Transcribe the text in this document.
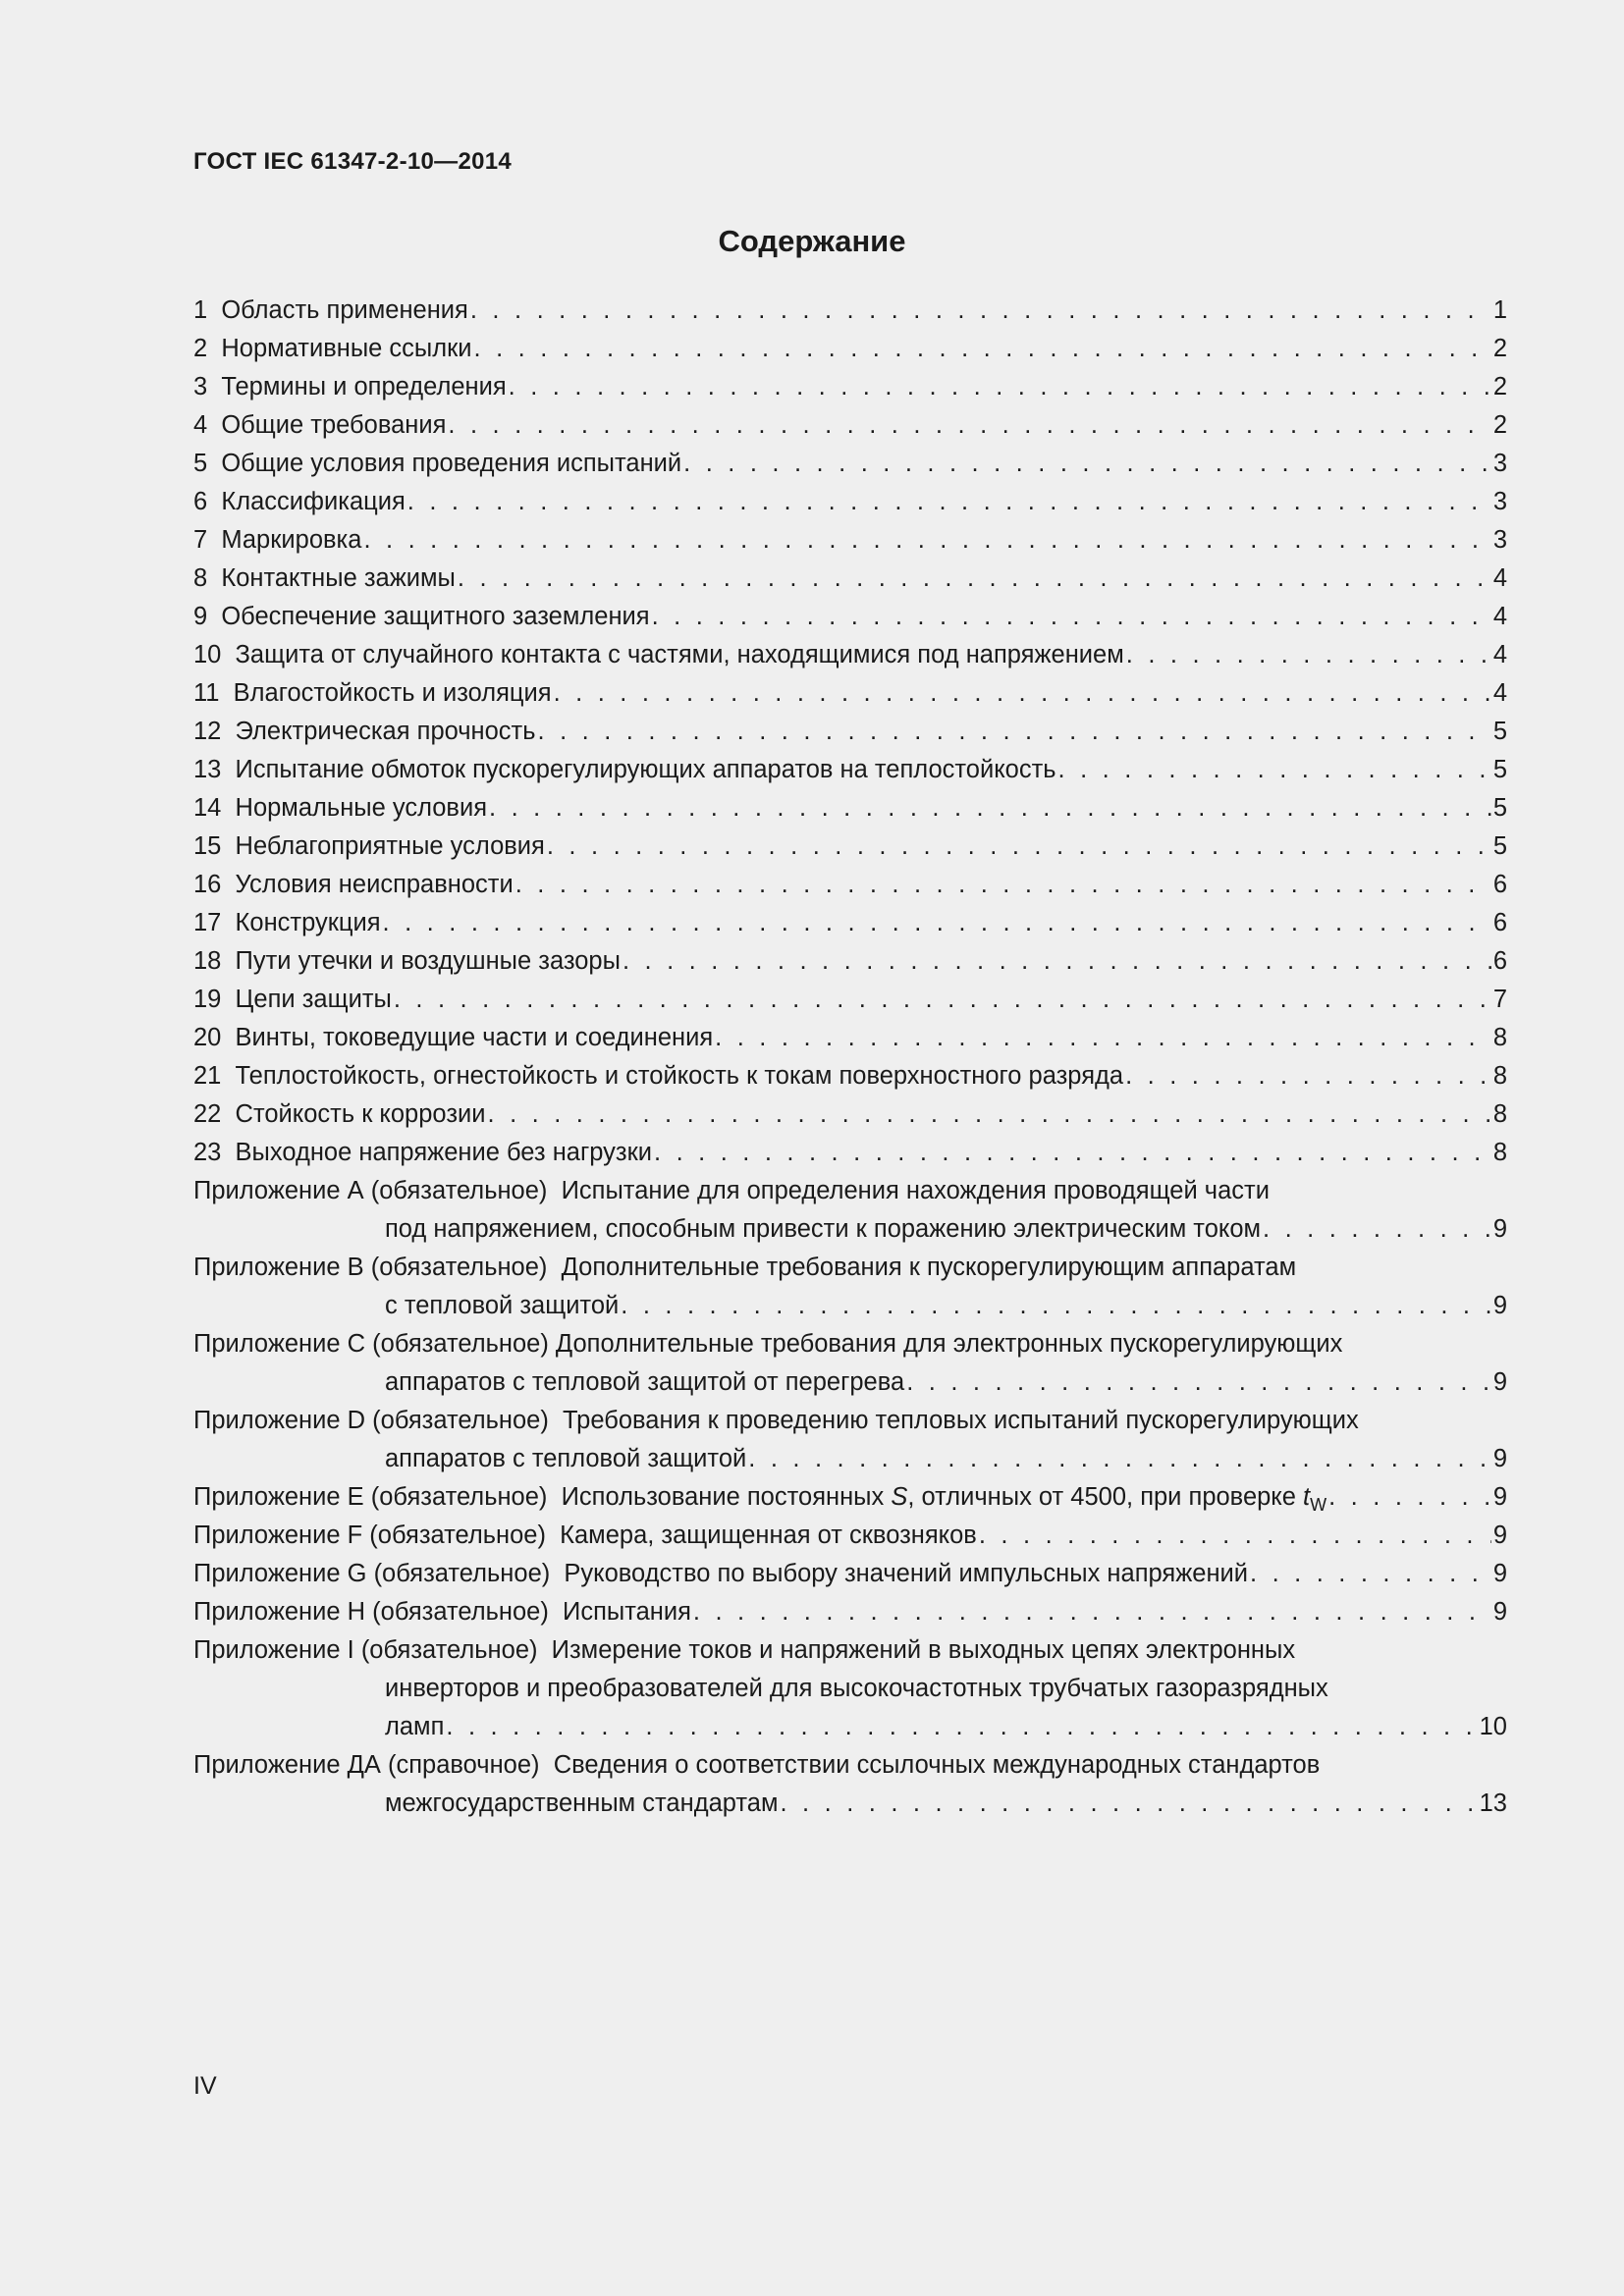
ГОСТ IEC 61347-2-10—2014
Содержание
1  Область применения . . .	1
2  Нормативные ссылки . . .	2
3  Термины и определения . . .	2
4  Общие требования . . .	2
5  Общие условия проведения испытаний . . .	3
6  Классификация . . .	3
7  Маркировка . . .	3
8  Контактные зажимы . . .	4
9  Обеспечение защитного заземления . . .	4
10  Защита от случайного контакта с частями, находящимися под напряжением . . .	4
11  Влагостойкость и изоляция . . .	4
12  Электрическая прочность . . .	5
13  Испытание обмоток пускорегулирующих аппаратов на теплостойкость . . .	5
14  Нормальные условия . . .	5
15  Неблагоприятные условия . . .	5
16  Условия неисправности . . .	6
17  Конструкция . . .	6
18  Пути утечки и воздушные зазоры . . .	6
19  Цепи защиты . . .	7
20  Винты, токоведущие части и соединения . . .	8
21  Теплостойкость, огнестойкость и стойкость к токам поверхностного разряда . . .	8
22  Стойкость к коррозии . . .	8
23  Выходное напряжение без нагрузки . . .	8
Приложение А (обязательное)  Испытание для определения нахождения проводящей части
под напряжением, способным привести к поражению электрическим током . . .	9
Приложение В (обязательное)  Дополнительные требования к пускорегулирующим аппаратам
с тепловой защитой . . .	9
Приложение С (обязательное) Дополнительные требования для электронных пускорегулирующих
аппаратов с тепловой защитой от перегрева . . .	9
Приложение D (обязательное)  Требования к проведению тепловых испытаний пускорегулирующих
аппаратов с тепловой защитой . . .	9
Приложение Е (обязательное)  Использование постоянных S, отличных от 4500, при проверке $t_W$ . . .	9
Приложение F (обязательное)  Камера, защищенная от сквозняков . . .	9
Приложение G (обязательное)  Руководство по выбору значений импульсных напряжений . . .	9
Приложение Н (обязательное)  Испытания . . .	9
Приложение I (обязательное)  Измерение токов и напряжений в выходных цепях электронных
инверторов и преобразователей для высокочастотных трубчатых газоразрядных
ламп . . .	10
Приложение ДА (справочное)  Сведения о соответствии ссылочных международных стандартов
межгосударственным стандартам . . .	13
IV
